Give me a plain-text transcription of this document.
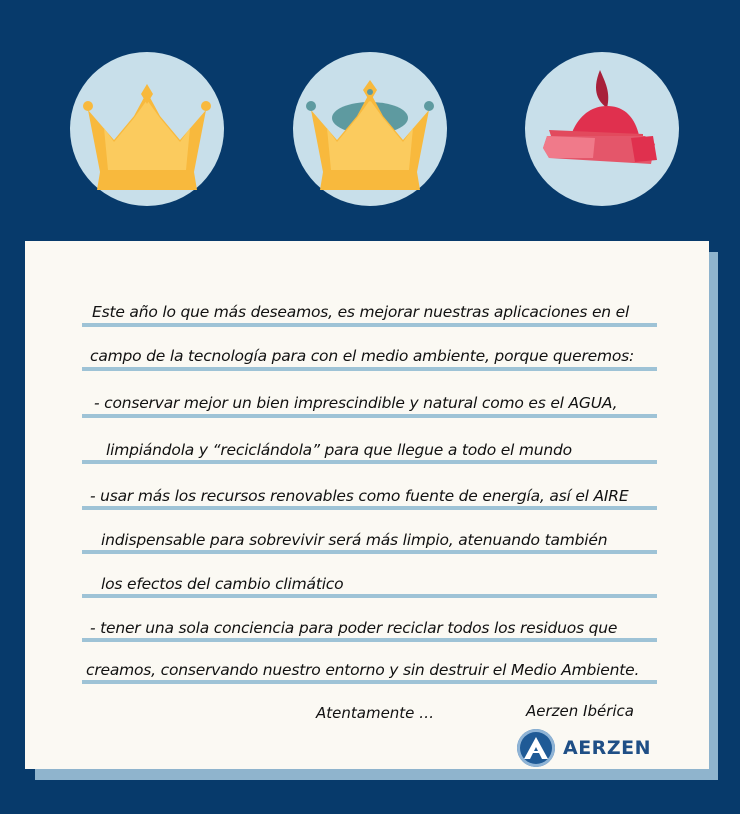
Este año lo que más deseamos, es mejorar nuestras aplicaciones en el
campo de la tecnología para con el medio ambiente, porque queremos:
- conservar mejor un bien imprescindible y natural como es el AGUA,
limpiándola y “reciclándola” para que llegue a todo el mundo
- usar más los recursos renovables como fuente de energía, así el AIRE
indispensable para sobrevivir será más limpio, atenuando también
los efectos del cambio climático
- tener una sola conciencia para poder reciclar todos los residuos que
creamos, conservando nuestro entorno y sin destruir el Medio Ambiente.
Atentamente …	Aerzen Ibérica
AERZEN
